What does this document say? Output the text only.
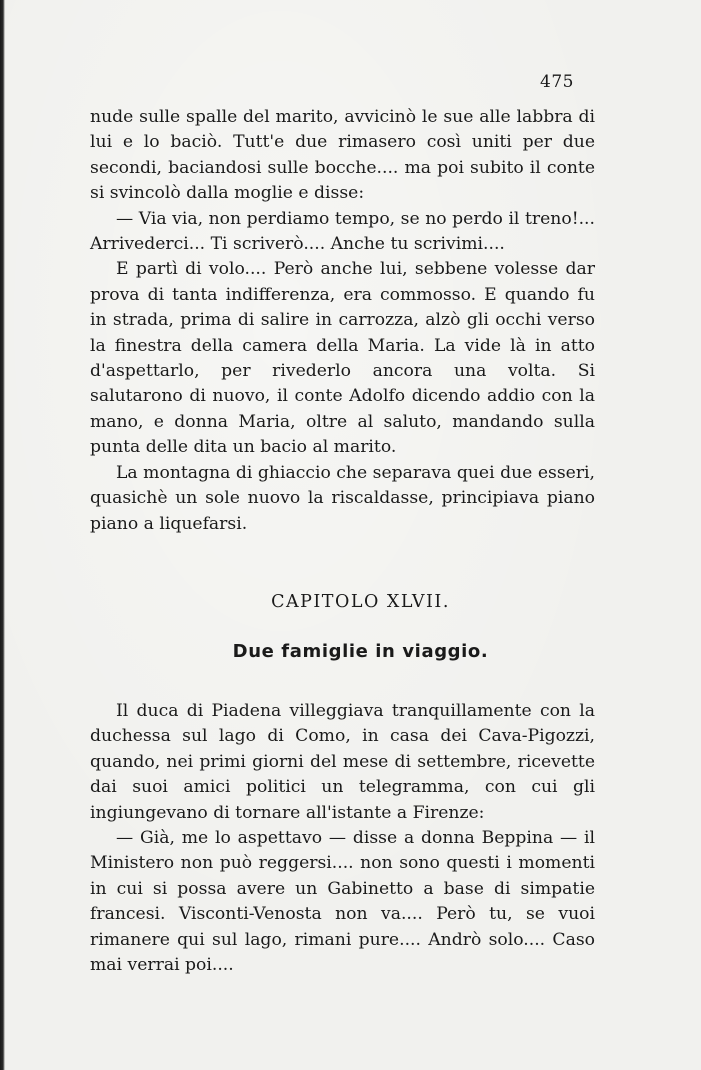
475

nude sulle spalle del marito, avvicinò le sue alle labbra di lui e lo baciò. Tutt'e due rimasero così uniti per due secondi, baciandosi sulle bocche.... ma poi subito il conte si svincolò dalla moglie e disse:

— Via via, non perdiamo tempo, se no perdo il treno!... Arrivederci... Ti scriverò.... Anche tu scrivimi....

E partì di volo.... Però anche lui, sebbene volesse dar prova di tanta indifferenza, era commosso. E quando fu in strada, prima di salire in carrozza, alzò gli occhi verso la finestra della camera della Maria. La vide là in atto d'aspettarlo, per rivederlo ancora una volta. Si salutarono di nuovo, il conte Adolfo dicendo addio con la mano, e donna Maria, oltre al saluto, mandando sulla punta delle dita un bacio al marito.

La montagna di ghiaccio che separava quei due esseri, quasichè un sole nuovo la riscaldasse, principiava piano piano a liquefarsi.

CAPITOLO XLVII.
Due famiglie in viaggio.

Il duca di Piadena villeggiava tranquillamente con la duchessa sul lago di Como, in casa dei Cava-Pigozzi, quando, nei primi giorni del mese di settembre, ricevette dai suoi amici politici un telegramma, con cui gli ingiungevano di tornare all'istante a Firenze:

— Già, me lo aspettavo — disse a donna Beppina — il Ministero non può reggersi.... non sono questi i momenti in cui si possa avere un Gabinetto a base di simpatie francesi. Visconti-Venosta non va.... Però tu, se vuoi rimanere qui sul lago, rimani pure.... Andrò solo.... Caso mai verrai poi....
